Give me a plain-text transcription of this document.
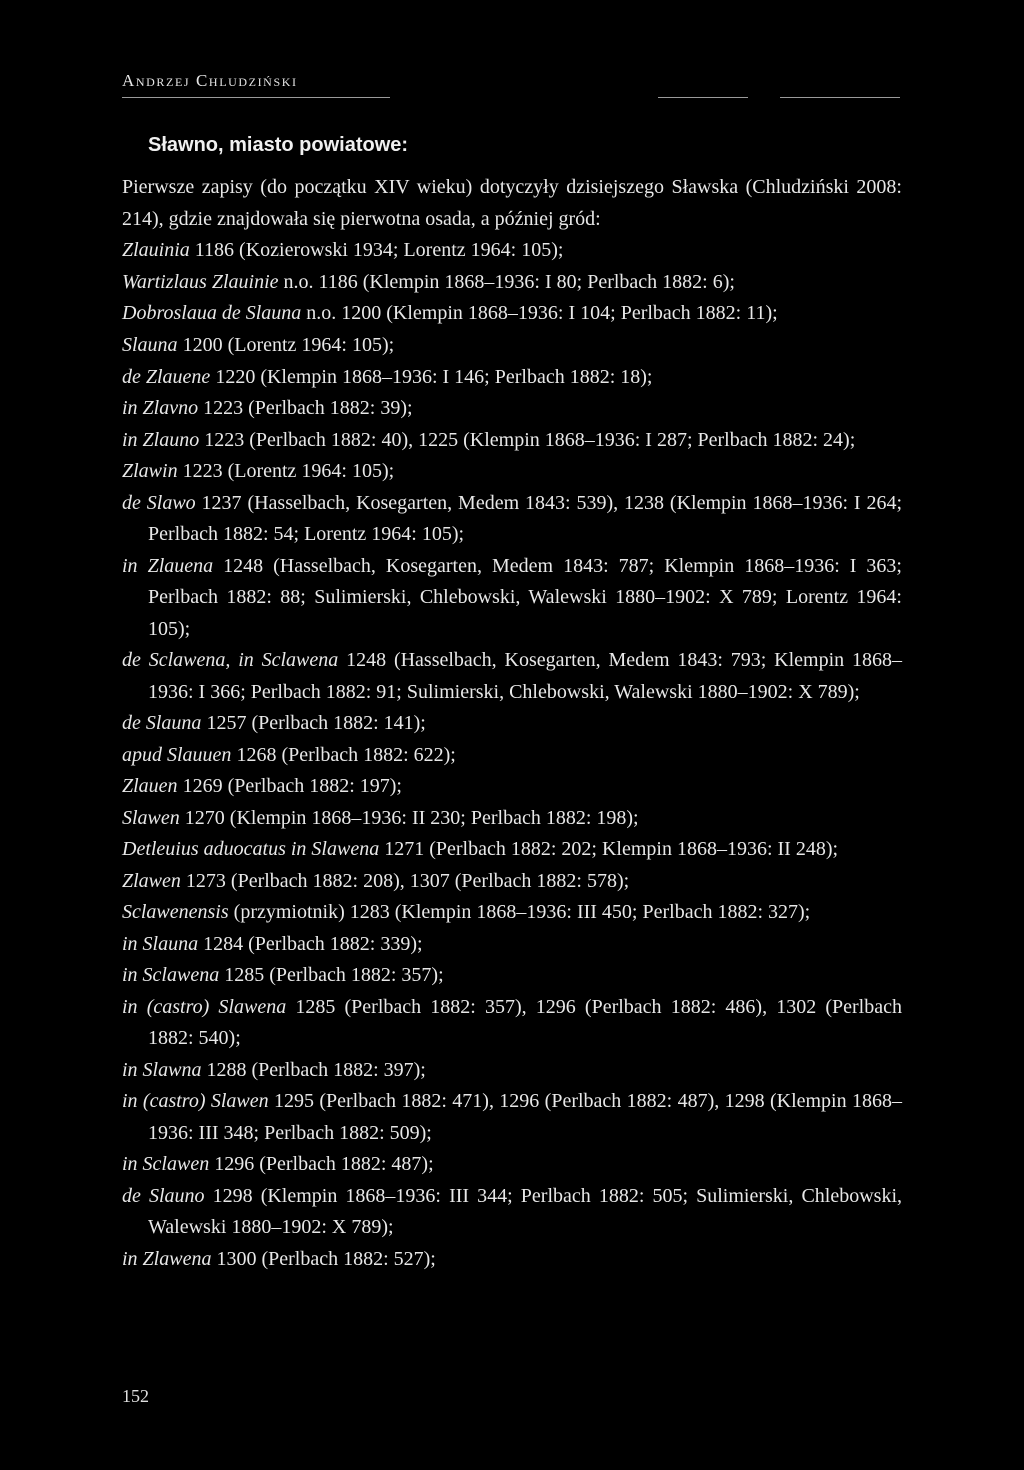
Andrzej Chludziński
Sławno, miasto powiatowe:
Pierwsze zapisy (do początku XIV wieku) dotyczyły dzisiejszego Sławska (Chludziński 2008: 214), gdzie znajdowała się pierwotna osada, a później gród:
Zlauinia 1186 (Kozierowski 1934; Lorentz 1964: 105);
Wartizlaus Zlauinie n.o. 1186 (Klempin 1868–1936: I 80; Perlbach 1882: 6);
Dobroslaua de Slauna n.o. 1200 (Klempin 1868–1936: I 104; Perlbach 1882: 11);
Slauna 1200 (Lorentz 1964: 105);
de Zlauene 1220 (Klempin 1868–1936: I 146; Perlbach 1882: 18);
in Zlavno 1223 (Perlbach 1882: 39);
in Zlauno 1223 (Perlbach 1882: 40), 1225 (Klempin 1868–1936: I 287; Perlbach 1882: 24);
Zlawin 1223 (Lorentz 1964: 105);
de Slawo 1237 (Hasselbach, Kosegarten, Medem 1843: 539), 1238 (Klempin 1868–1936: I 264; Perlbach 1882: 54; Lorentz 1964: 105);
in Zlauena 1248 (Hasselbach, Kosegarten, Medem 1843: 787; Klempin 1868–1936: I 363; Perlbach 1882: 88; Sulimierski, Chlebowski, Walewski 1880–1902: X 789; Lorentz 1964: 105);
de Sclawena, in Sclawena 1248 (Hasselbach, Kosegarten, Medem 1843: 793; Klempin 1868–1936: I 366; Perlbach 1882: 91; Sulimierski, Chlebowski, Walewski 1880–1902: X 789);
de Slauna 1257 (Perlbach 1882: 141);
apud Slauuen 1268 (Perlbach 1882: 622);
Zlauen 1269 (Perlbach 1882: 197);
Slawen 1270 (Klempin 1868–1936: II 230; Perlbach 1882: 198);
Detleuius aduocatus in Slawena 1271 (Perlbach 1882: 202; Klempin 1868–1936: II 248);
Zlawen 1273 (Perlbach 1882: 208), 1307 (Perlbach 1882: 578);
Sclawenensis (przymiotnik) 1283 (Klempin 1868–1936: III 450; Perlbach 1882: 327);
in Slauna 1284 (Perlbach 1882: 339);
in Sclawena 1285 (Perlbach 1882: 357);
in (castro) Slawena 1285 (Perlbach 1882: 357), 1296 (Perlbach 1882: 486), 1302 (Perlbach 1882: 540);
in Slawna 1288 (Perlbach 1882: 397);
in (castro) Slawen 1295 (Perlbach 1882: 471), 1296 (Perlbach 1882: 487), 1298 (Klempin 1868–1936: III 348; Perlbach 1882: 509);
in Sclawen 1296 (Perlbach 1882: 487);
de Slauno 1298 (Klempin 1868–1936: III 344; Perlbach 1882: 505; Sulimierski, Chlebowski, Walewski 1880–1902: X 789);
in Zlawena 1300 (Perlbach 1882: 527);
152
